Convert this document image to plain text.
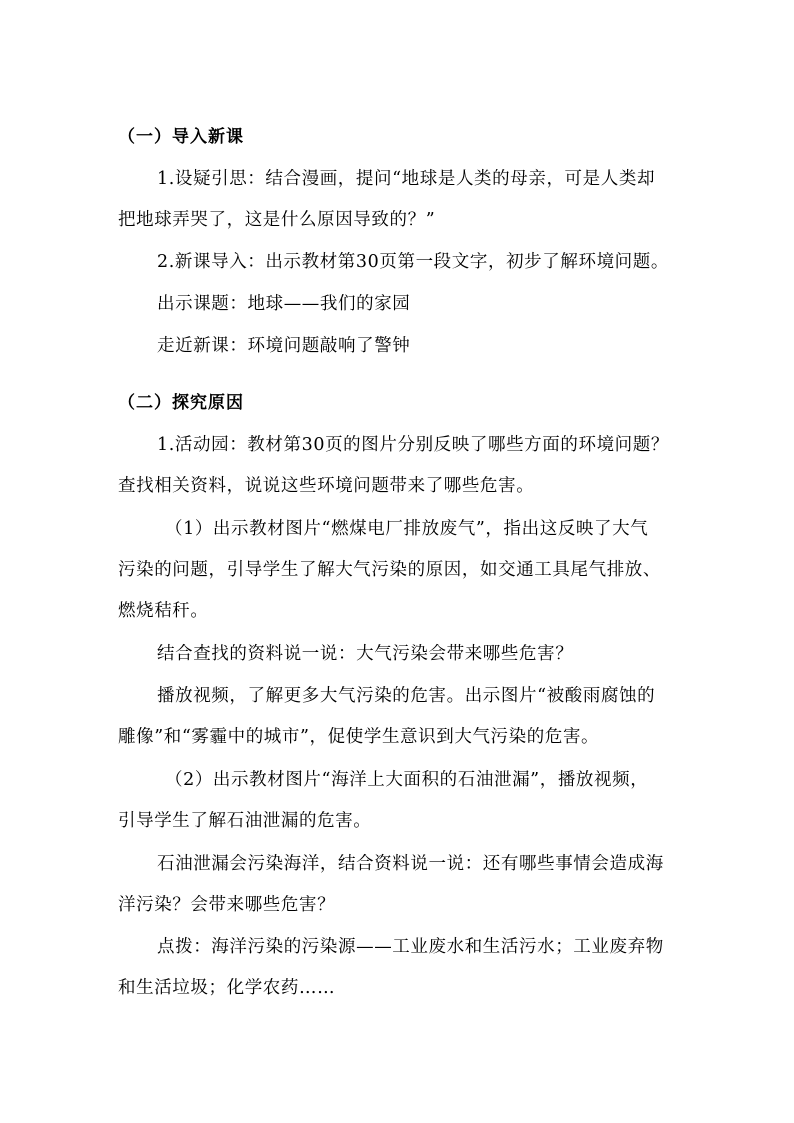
（一）导入新课
1.设疑引思：结合漫画，提问“地球是人类的母亲，可是人类却
把地球弄哭了，这是什么原因导致的？”
2.新课导入：出示教材第30页第一段文字，初步了解环境问题。
出示课题：地球——我们的家园
走近新课：环境问题敲响了警钟
（二）探究原因
1.活动园：教材第30页的图片分别反映了哪些方面的环境问题？
查找相关资料，说说这些环境问题带来了哪些危害。
（1）出示教材图片“燃煤电厂排放废气”，指出这反映了大气
污染的问题，引导学生了解大气污染的原因，如交通工具尾气排放、
燃烧秸秆。
结合查找的资料说一说：大气污染会带来哪些危害？
播放视频，了解更多大气污染的危害。出示图片“被酸雨腐蚀的
雕像”和“雾霾中的城市”，促使学生意识到大气污染的危害。
（2）出示教材图片“海洋上大面积的石油泄漏”，播放视频，
引导学生了解石油泄漏的危害。
石油泄漏会污染海洋，结合资料说一说：还有哪些事情会造成海
洋污染？会带来哪些危害？
点拨：海洋污染的污染源——工业废水和生活污水；工业废弃物
和生活垃圾；化学农药……
